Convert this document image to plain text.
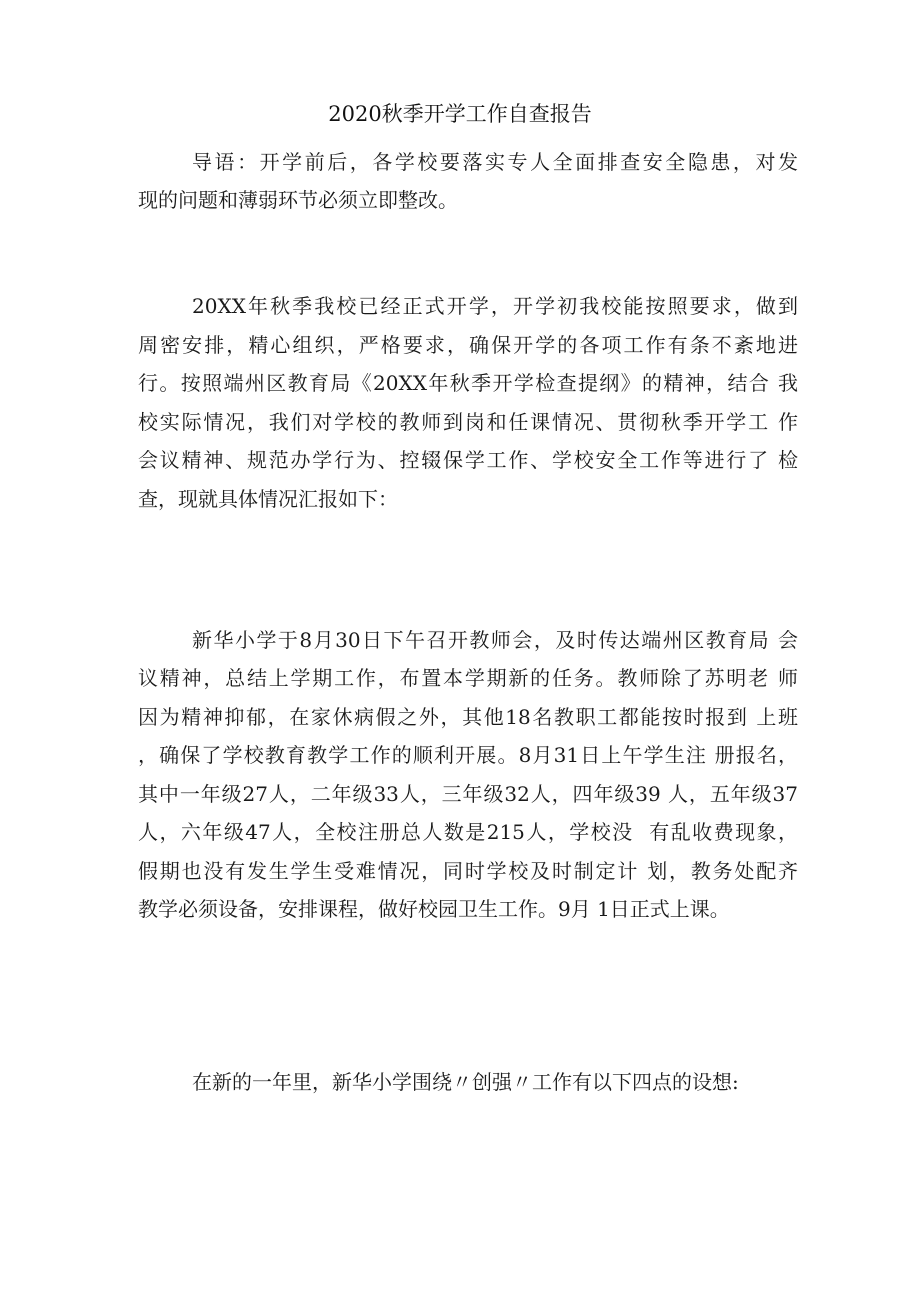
2020秋季开学工作自查报告
导语：开学前后，各学校要落实专人全面排查安全隐患，对发
现的问题和薄弱环节必须立即整改。
20XX年秋季我校已经正式开学，开学初我校能按照要求，做到
周密安排，精心组织，严格要求，确保开学的各项工作有条不紊地进
行。按照端州区教育局《20XX年秋季开学检查提纲》的精神，结合 我
校实际情况，我们对学校的教师到岗和任课情况、贯彻秋季开学工 作
会议精神、规范办学行为、控辍保学工作、学校安全工作等进行了 检
查，现就具体情况汇报如下：
新华小学于8月30日下午召开教师会，及时传达端州区教育局 会
议精神，总结上学期工作，布置本学期新的任务。教师除了苏明老 师
因为精神抑郁，在家休病假之外，其他18名教职工都能按时报到 上班
，确保了学校教育教学工作的顺利开展。8月31日上午学生注 册报名，
其中一年级27人，二年级33人，三年级32人，四年级39 人，五年级37
人，六年级47人，全校注册总人数是215人，学校没  有乱收费现象，
假期也没有发生学生受难情况，同时学校及时制定计 划，教务处配齐
教学必须设备，安排课程，做好校园卫生工作。9月 1日正式上课。
在新的一年里，新华小学围绕〃创强〃工作有以下四点的设想:
